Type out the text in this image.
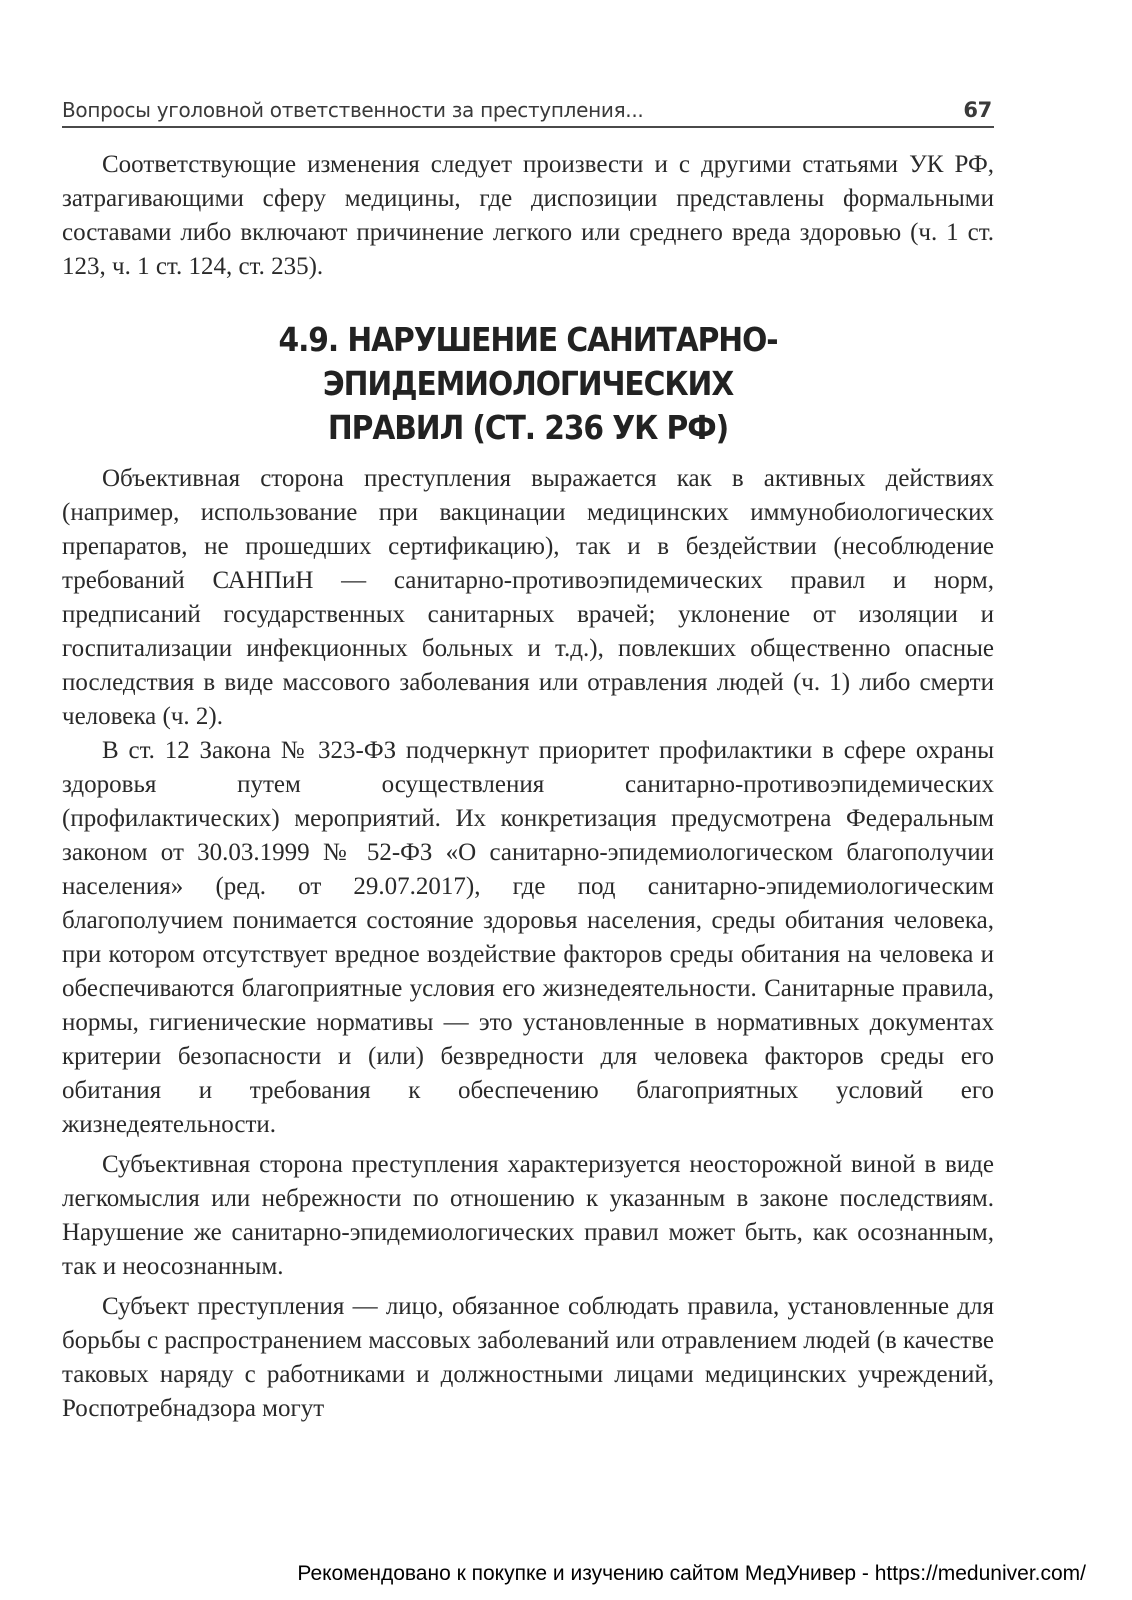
Вопросы уголовной ответственности за преступления...	67

Соответствующие изменения следует произвести и с другими статьями УК РФ, затрагивающими сферу медицины, где диспозиции представлены формальными составами либо включают причинение легкого или среднего вреда здоровью (ч. 1 ст. 123, ч. 1 ст. 124, ст. 235).

4.9. НАРУШЕНИЕ САНИТАРНО-ЭПИДЕМИОЛОГИЧЕСКИХ
ПРАВИЛ (СТ. 236 УК РФ)

Объективная сторона преступления выражается как в активных действиях (например, использование при вакцинации медицинских иммунобиологических препаратов, не прошедших сертификацию), так и в бездействии (несоблюдение требований САНПиН — санитарно-противоэпидемических правил и норм, предписаний государственных санитарных врачей; уклонение от изоляции и госпитализации инфекционных больных и т.д.), повлекших общественно опасные последствия в виде массового заболевания или отравления людей (ч. 1) либо смерти человека (ч. 2).

В ст. 12 Закона № 323-ФЗ подчеркнут приоритет профилактики в сфере охраны здоровья путем осуществления санитарно-противоэпидемических (профилактических) мероприятий. Их конкретизация предусмотрена Федеральным законом от 30.03.1999 № 52-ФЗ «О санитарно-эпидемиологическом благополучии населения» (ред. от 29.07.2017), где под санитарно-эпидемиологическим благополучием понимается состояние здоровья населения, среды обитания человека, при котором отсутствует вредное воздействие факторов среды обитания на человека и обеспечиваются благоприятные условия его жизнедеятельности. Санитарные правила, нормы, гигиенические нормативы — это установленные в нормативных документах критерии безопасности и (или) безвредности для человека факторов среды его обитания и требования к обеспечению благоприятных условий его жизнедеятельности.

Субъективная сторона преступления характеризуется неосторожной виной в виде легкомыслия или небрежности по отношению к указанным в законе последствиям. Нарушение же санитарно-эпидемиологических правил может быть, как осознанным, так и неосознанным.

Субъект преступления — лицо, обязанное соблюдать правила, установленные для борьбы с распространением массовых заболеваний или отравлением людей (в качестве таковых наряду с работниками и должностными лицами медицинских учреждений, Роспотребнадзора могут

Рекомендовано к покупке и изучению сайтом МедУнивер - https://meduniver.com/
